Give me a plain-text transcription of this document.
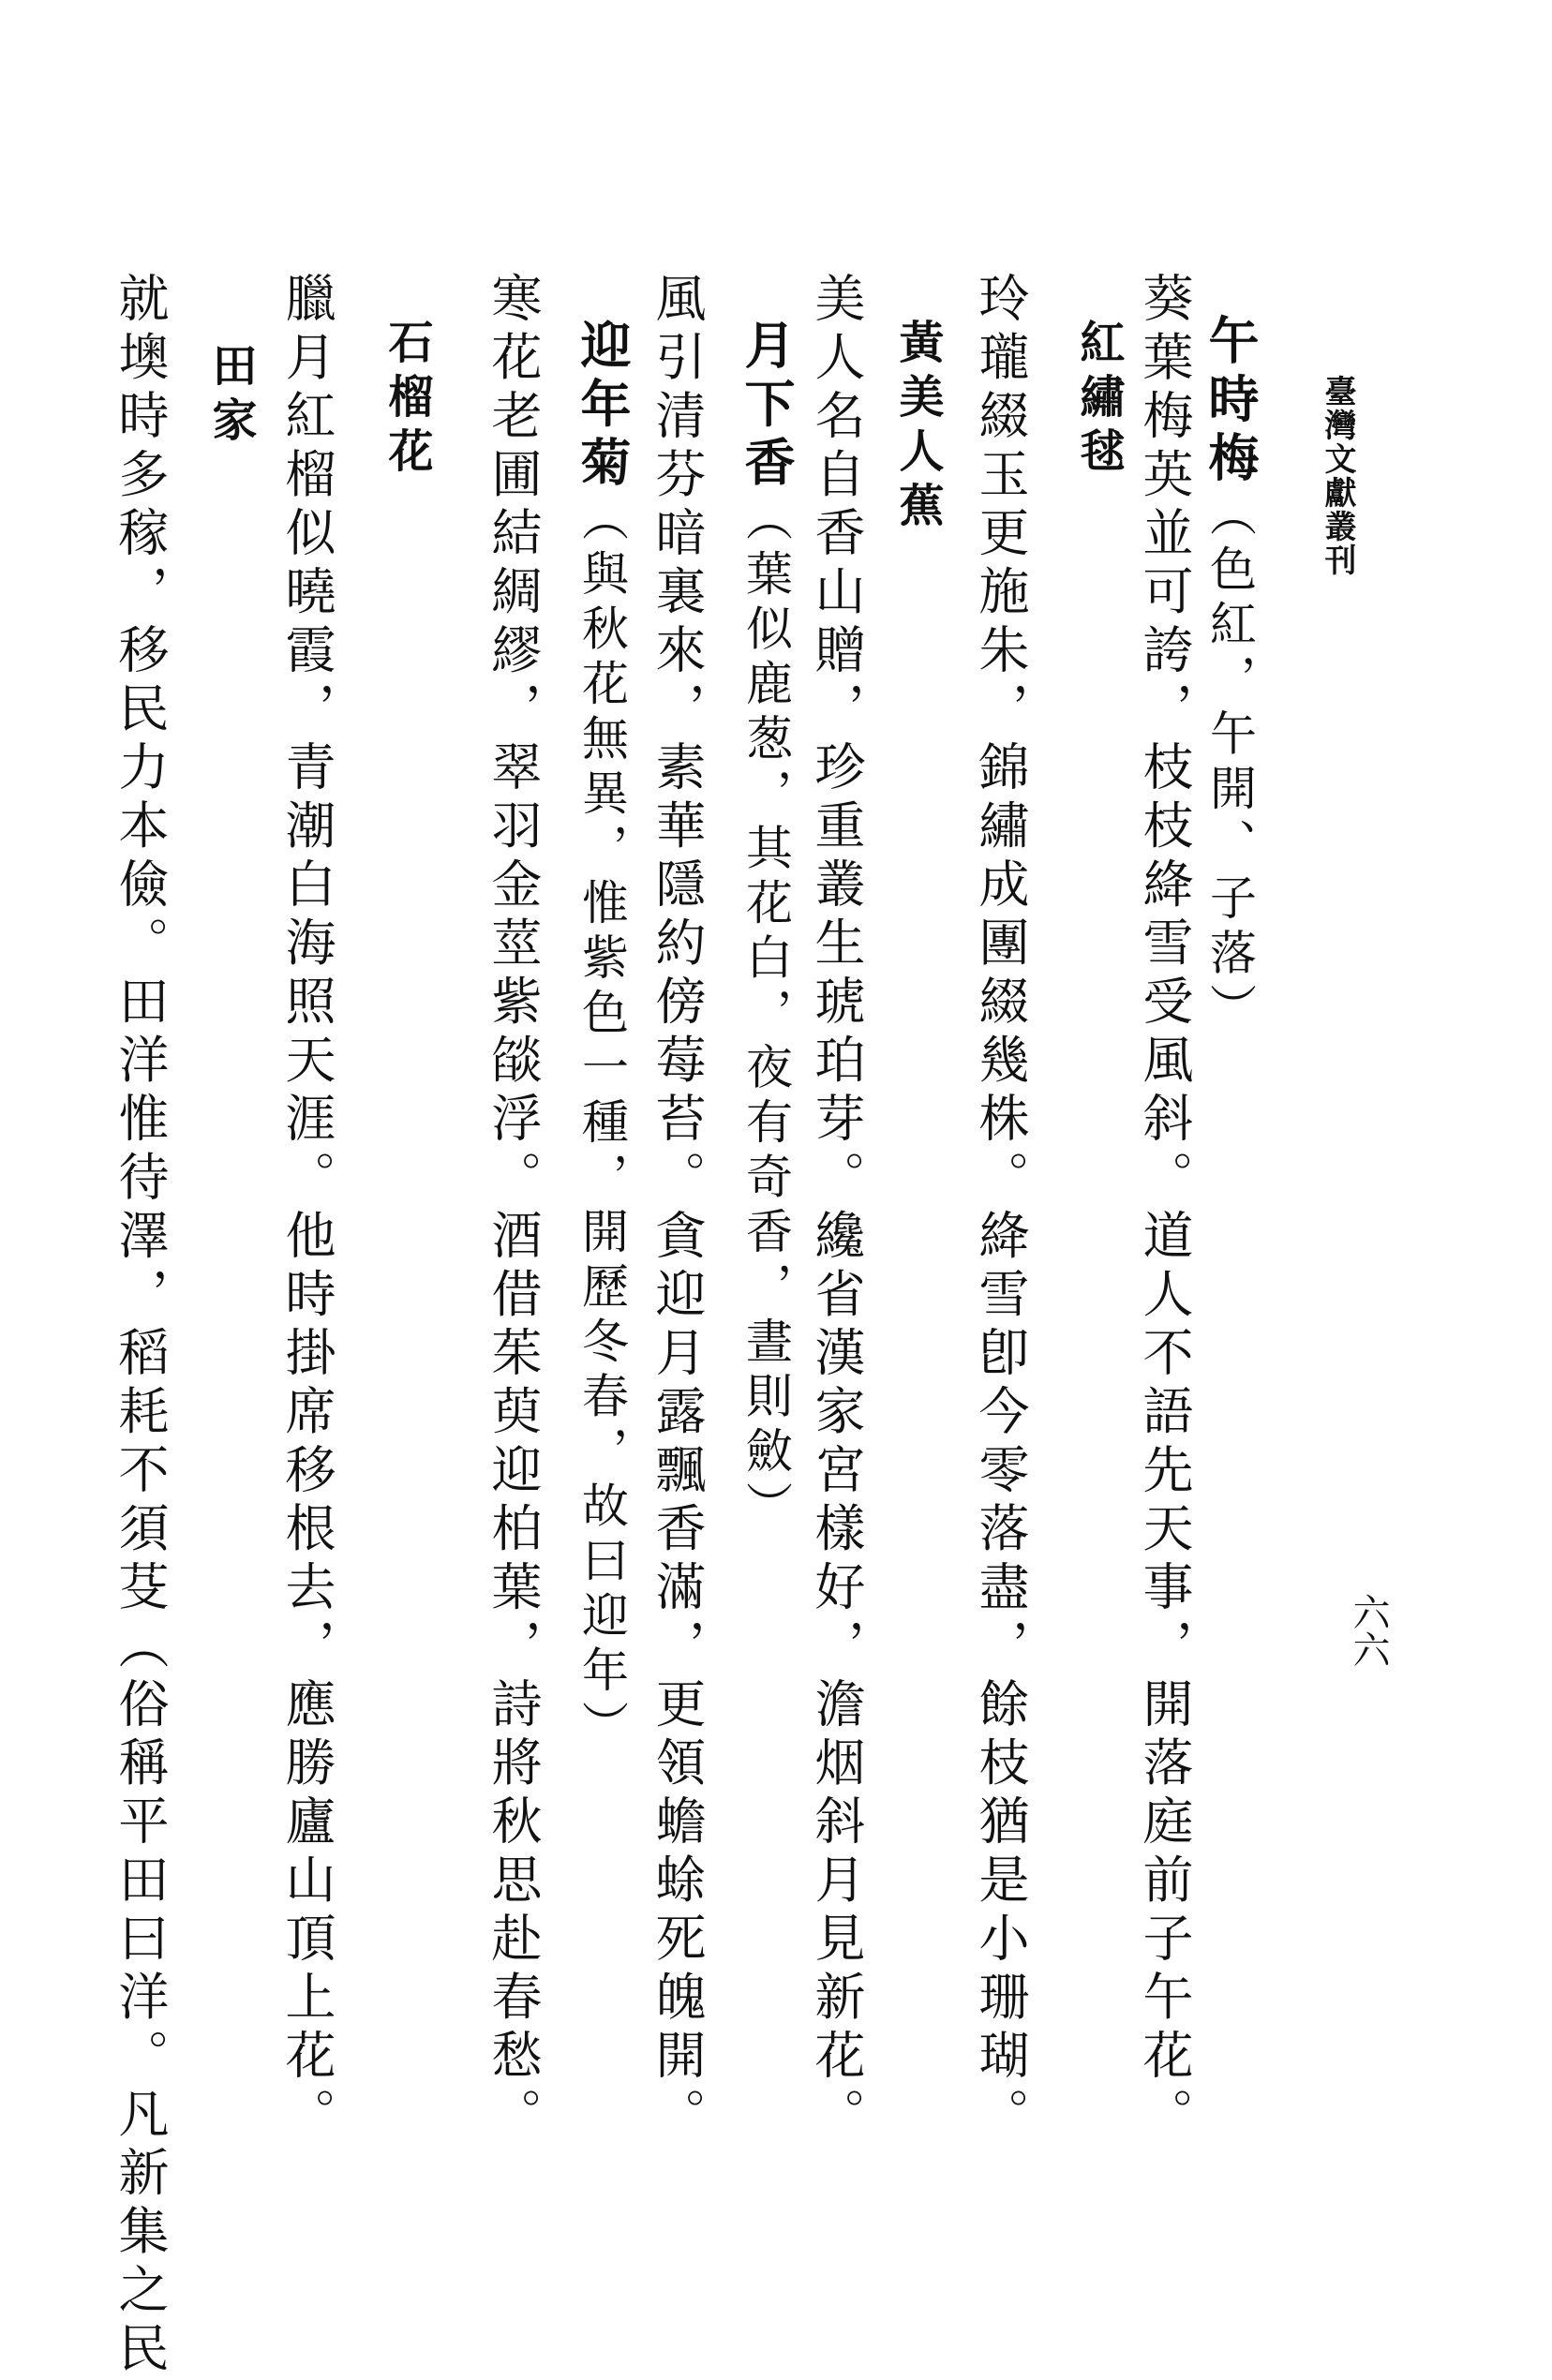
臺灣文獻叢刊
六六
午時梅（色紅，午開、子落）
葵葉梅英並可誇，枝枝絳雪受風斜。道人不語先天事，開落庭前子午花。
紅繡毬
玲瓏綴玉更施朱，錦繡成團綴幾株。絳雪卽今零落盡，餘枝猶是小珊瑚。
黃美人蕉
美人名自香山贈，珍重叢生琥珀芽。纔省漢家宮樣好，澹烟斜月見新花。
月下香（葉似鹿葱，其花白，夜有奇香，晝則斂）
風引清芬暗裏來，素華隱約傍莓苔。貪迎月露飄香滿，更領蟾蜍死魄開。
迎年菊（與秋花無異，惟紫色一種，開歷冬春，故曰迎年）
寒花老圃結綢繆，翠羽金莖紫燄浮。酒借茱萸迎柏葉，詩將秋思赴春愁。
石榴花
臘月紅榴似曉霞，青潮白海照天涯。他時掛席移根去，應勝廬山頂上花。
田家
就墺時多稼，移民力本儉。田洋惟待澤，稻耗不須芟（俗稱平田曰洋。凡新集之民
